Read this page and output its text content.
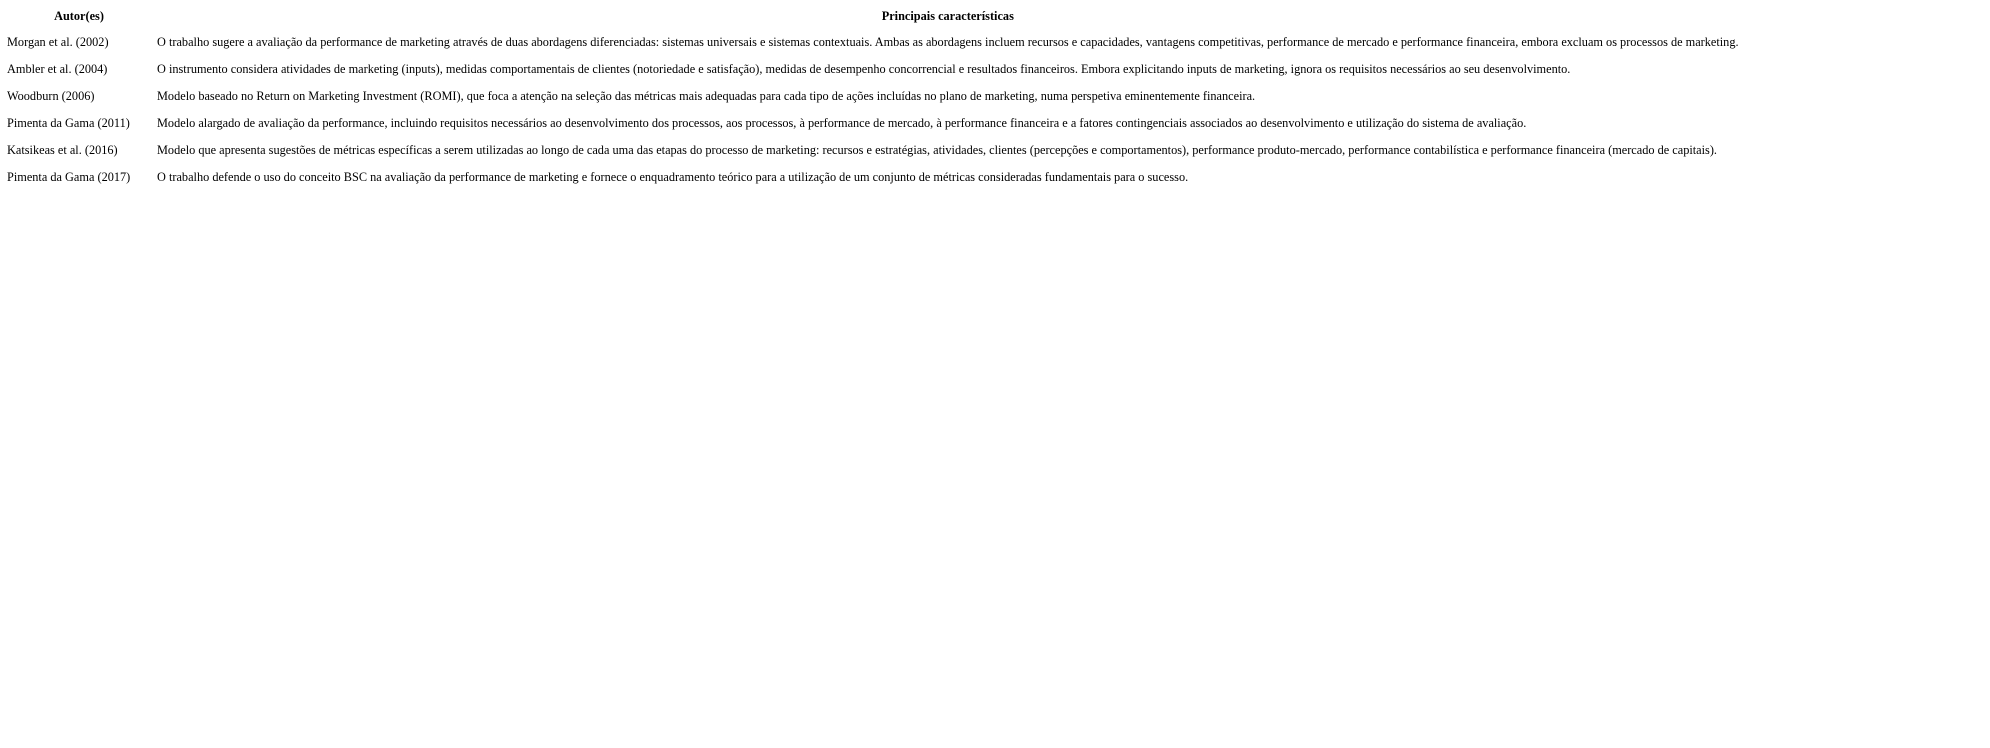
Autor(es)	Principais características
Morgan et al. (2002)	O trabalho sugere a avaliação da performance de marketing através de duas abordagens diferenciadas: sistemas universais e sistemas contextuais. Ambas as abordagens incluem recursos e capacidades, vantagens competitivas, performance de mercado e performance financeira, embora excluam os processos de marketing.
Ambler et al. (2004)	O instrumento considera atividades de marketing (inputs), medidas comportamentais de clientes (notoriedade e satisfação), medidas de desempenho concorrencial e resultados financeiros. Embora explicitando inputs de marketing, ignora os requisitos necessários ao seu desenvolvimento.
Woodburn (2006)	Modelo baseado no Return on Marketing Investment (ROMI), que foca a atenção na seleção das métricas mais adequadas para cada tipo de ações incluídas no plano de marketing, numa perspetiva eminentemente financeira.
Pimenta da Gama (2011)	Modelo alargado de avaliação da performance, incluindo requisitos necessários ao desenvolvimento dos processos, aos processos, à performance de mercado, à performance financeira e a fatores contingenciais associados ao desenvolvimento e utilização do sistema de avaliação.
Katsikeas et al. (2016)	Modelo que apresenta sugestões de métricas específicas a serem utilizadas ao longo de cada uma das etapas do processo de marketing: recursos e estratégias, atividades, clientes (percepções e comportamentos), performance produto-mercado, performance contabilística e performance financeira (mercado de capitais).
Pimenta da Gama (2017)	O trabalho defende o uso do conceito BSC na avaliação da performance de marketing e fornece o enquadramento teórico para a utilização de um conjunto de métricas consideradas fundamentais para o sucesso.
